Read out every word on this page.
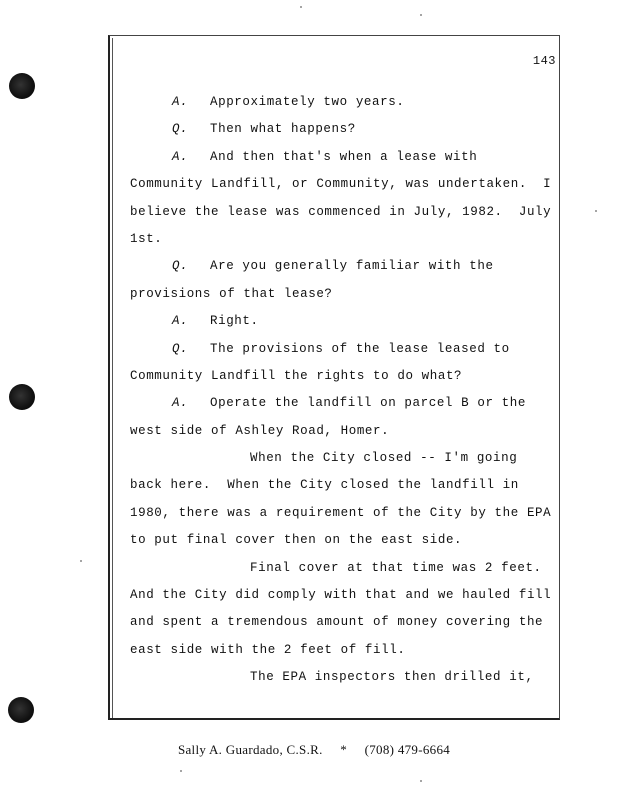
143
A. Approximately two years.
Q. Then what happens?
A. And then that's when a lease with
Community Landfill, or Community, was undertaken.  I
believe the lease was commenced in July, 1982.  July
1st.
Q. Are you generally familiar with the
provisions of that lease?
A. Right.
Q. The provisions of the lease leased to
Community Landfill the rights to do what?
A. Operate the landfill on parcel B or the
west side of Ashley Road, Homer.
When the City closed -- I'm going
back here.  When the City closed the landfill in
1980, there was a requirement of the City by the EPA
to put final cover then on the east side.
Final cover at that time was 2 feet.
And the City did comply with that and we hauled fill
and spent a tremendous amount of money covering the
east side with the 2 feet of fill.
The EPA inspectors then drilled it,
Sally A. Guardado, C.S.R. * (708) 479-6664
